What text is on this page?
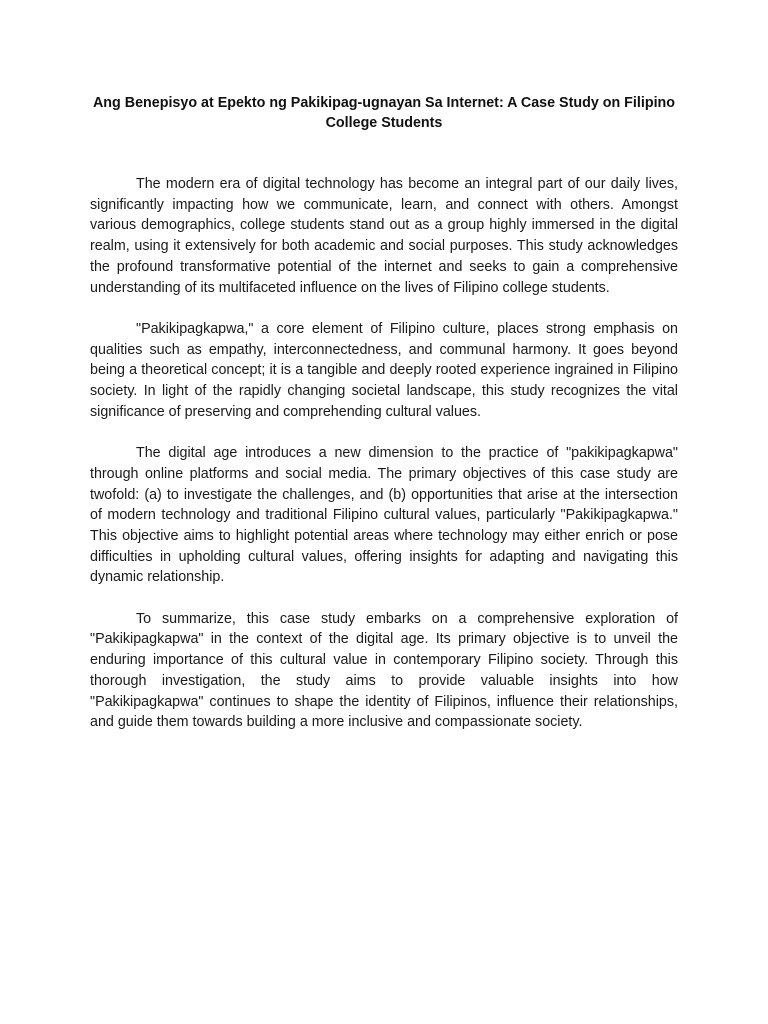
Ang Benepisyo at Epekto ng Pakikipag-ugnayan Sa Internet: A Case Study on Filipino College Students

The modern era of digital technology has become an integral part of our daily lives, significantly impacting how we communicate, learn, and connect with others. Amongst various demographics, college students stand out as a group highly immersed in the digital realm, using it extensively for both academic and social purposes. This study acknowledges the profound transformative potential of the internet and seeks to gain a comprehensive understanding of its multifaceted influence on the lives of Filipino college students.

"Pakikipagkapwa," a core element of Filipino culture, places strong emphasis on qualities such as empathy, interconnectedness, and communal harmony. It goes beyond being a theoretical concept; it is a tangible and deeply rooted experience ingrained in Filipino society. In light of the rapidly changing societal landscape, this study recognizes the vital significance of preserving and comprehending cultural values.

The digital age introduces a new dimension to the practice of "pakikipagkapwa" through online platforms and social media. The primary objectives of this case study are twofold: (a) to investigate the challenges, and (b) opportunities that arise at the intersection of modern technology and traditional Filipino cultural values, particularly "Pakikipagkapwa." This objective aims to highlight potential areas where technology may either enrich or pose difficulties in upholding cultural values, offering insights for adapting and navigating this dynamic relationship.

To summarize, this case study embarks on a comprehensive exploration of "Pakikipagkapwa" in the context of the digital age. Its primary objective is to unveil the enduring importance of this cultural value in contemporary Filipino society. Through this thorough investigation, the study aims to provide valuable insights into how "Pakikipagkapwa" continues to shape the identity of Filipinos, influence their relationships, and guide them towards building a more inclusive and compassionate society.
